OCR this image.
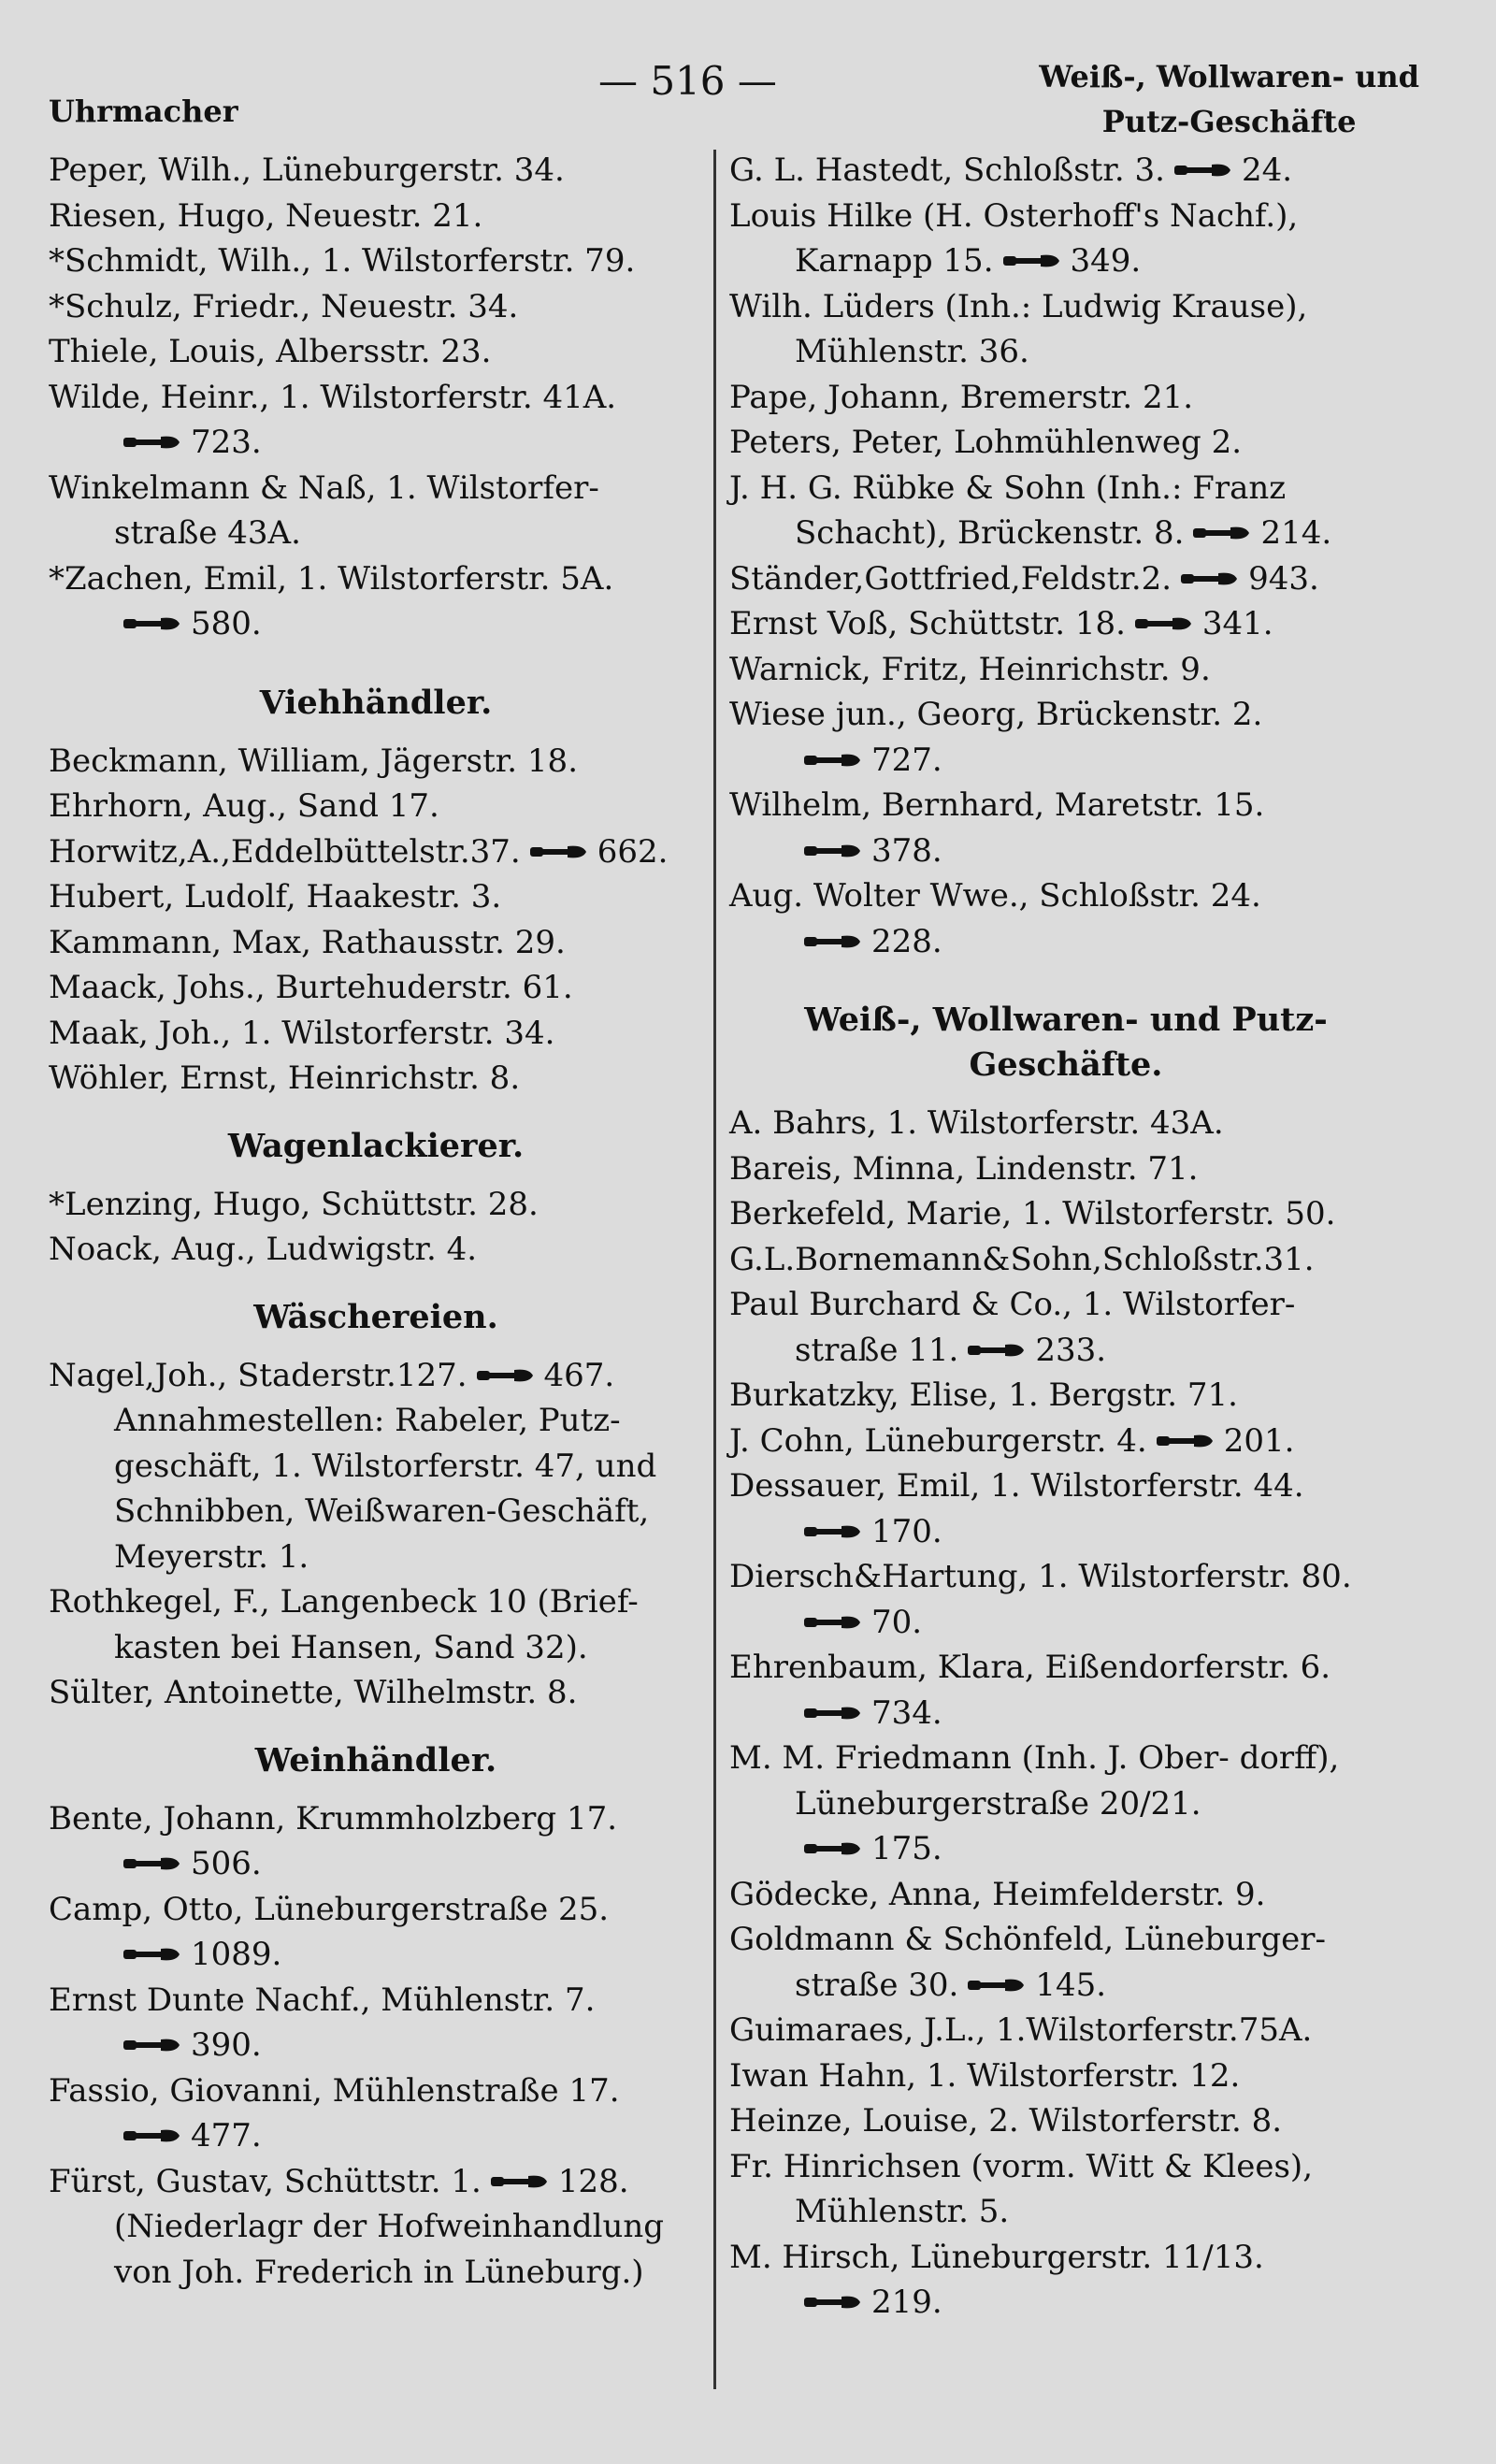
Uhrmacher
— 516 —	Weiß-, Wollwaren- und
Putz-Geschäfte
Peper, Wilh., Lüneburgerstr. 34.
Riesen, Hugo, Neuestr. 21.
*Schmidt, Wilh., 1. Wilstorferstr. 79.
*Schulz, Friedr., Neuestr. 34.
Thiele, Louis, Albersstr. 23.
Wilde, Heinr., 1. Wilstorferstr. 41A.

723.
Winkelmann & Naß, 1. Wilstorfer-
straße 43A.
*Zachen, Emil, 1. Wilstorferstr. 5A.

580.
Viehhändler.
Beckmann, William, Jägerstr. 18.
Ehrhorn, Aug., Sand 17.
Horwitz,A.,Eddelbüttelstr.37. 662.
Hubert, Ludolf, Haakestr. 3.
Kammann, Max, Rathausstr. 29.
Maack, Johs., Burtehuderstr. 61.
Maak, Joh., 1. Wilstorferstr. 34.
Wöhler, Ernst, Heinrichstr. 8.
Wagenlackierer.
*Lenzing, Hugo, Schüttstr. 28.
Noack, Aug., Ludwigstr. 4.
Wäschereien.
Nagel,Joh., Staderstr.127. 467. Annahmestellen: Rabeler, Putz- geschäft, 1. Wilstorferstr. 47, und Schnibben, Weißwaren-Geschäft, Meyerstr. 1.
Rothkegel, F., Langenbeck 10 (Brief- kasten bei Hansen, Sand 32).
Sülter, Antoinette, Wilhelmstr. 8.
Weinhändler.
Bente, Johann, Krummholzberg 17.

506.
Camp, Otto, Lüneburgerstraße 25.

1089.
Ernst Dunte Nachf., Mühlenstr. 7.

390.
Fassio, Giovanni, Mühlenstraße 17.

477.
Fürst, Gustav, Schüttstr. 1. 128. (Niederlagr der Hofweinhandlung von Joh. Frederich in Lüneburg.)
G. L. Hastedt, Schloßstr. 3. 24.
Louis Hilke (H. Osterhoff's Nachf.), Karnapp 15. 349.
Wilh. Lüders (Inh.: Ludwig Krause), Mühlenstr. 36.
Pape, Johann, Bremerstr. 21.
Peters, Peter, Lohmühlenweg 2.
J. H. G. Rübke & Sohn (Inh.: Franz Schacht), Brückenstr. 8. 214.
Ständer,Gottfried,Feldstr.2. 943.
Ernst Voß, Schüttstr. 18. 341.
Warnick, Fritz, Heinrichstr. 9.
Wiese jun., Georg, Brückenstr. 2.

727.
Wilhelm, Bernhard, Maretstr. 15.

378.
Aug. Wolter Wwe., Schloßstr. 24.

228.
Weiß-, Wollwaren- und Putz-
Geschäfte.
A. Bahrs, 1. Wilstorferstr. 43A.
Bareis, Minna, Lindenstr. 71.
Berkefeld, Marie, 1. Wilstorferstr. 50.
G.L.Bornemann&Sohn,Schloßstr.31.
Paul Burchard & Co., 1. Wilstorfer- straße 11. 233.
Burkatzky, Elise, 1. Bergstr. 71.
J. Cohn, Lüneburgerstr. 4. 201.
Dessauer, Emil, 1. Wilstorferstr. 44.

170.
Diersch&Hartung, 1. Wilstorferstr. 80.

70.
Ehrenbaum, Klara, Eißendorferstr. 6.

734.
M. M. Friedmann (Inh. J. Ober- dorff), Lüneburgerstraße 20/21.

175.
Gödecke, Anna, Heimfelderstr. 9.
Goldmann & Schönfeld, Lüneburger- straße 30. 145.
Guimaraes, J.L., 1.Wilstorferstr.75A.
Iwan Hahn, 1. Wilstorferstr. 12.
Heinze, Louise, 2. Wilstorferstr. 8.
Fr. Hinrichsen (vorm. Witt & Klees), Mühlenstr. 5.
M. Hirsch, Lüneburgerstr. 11/13.

219.
